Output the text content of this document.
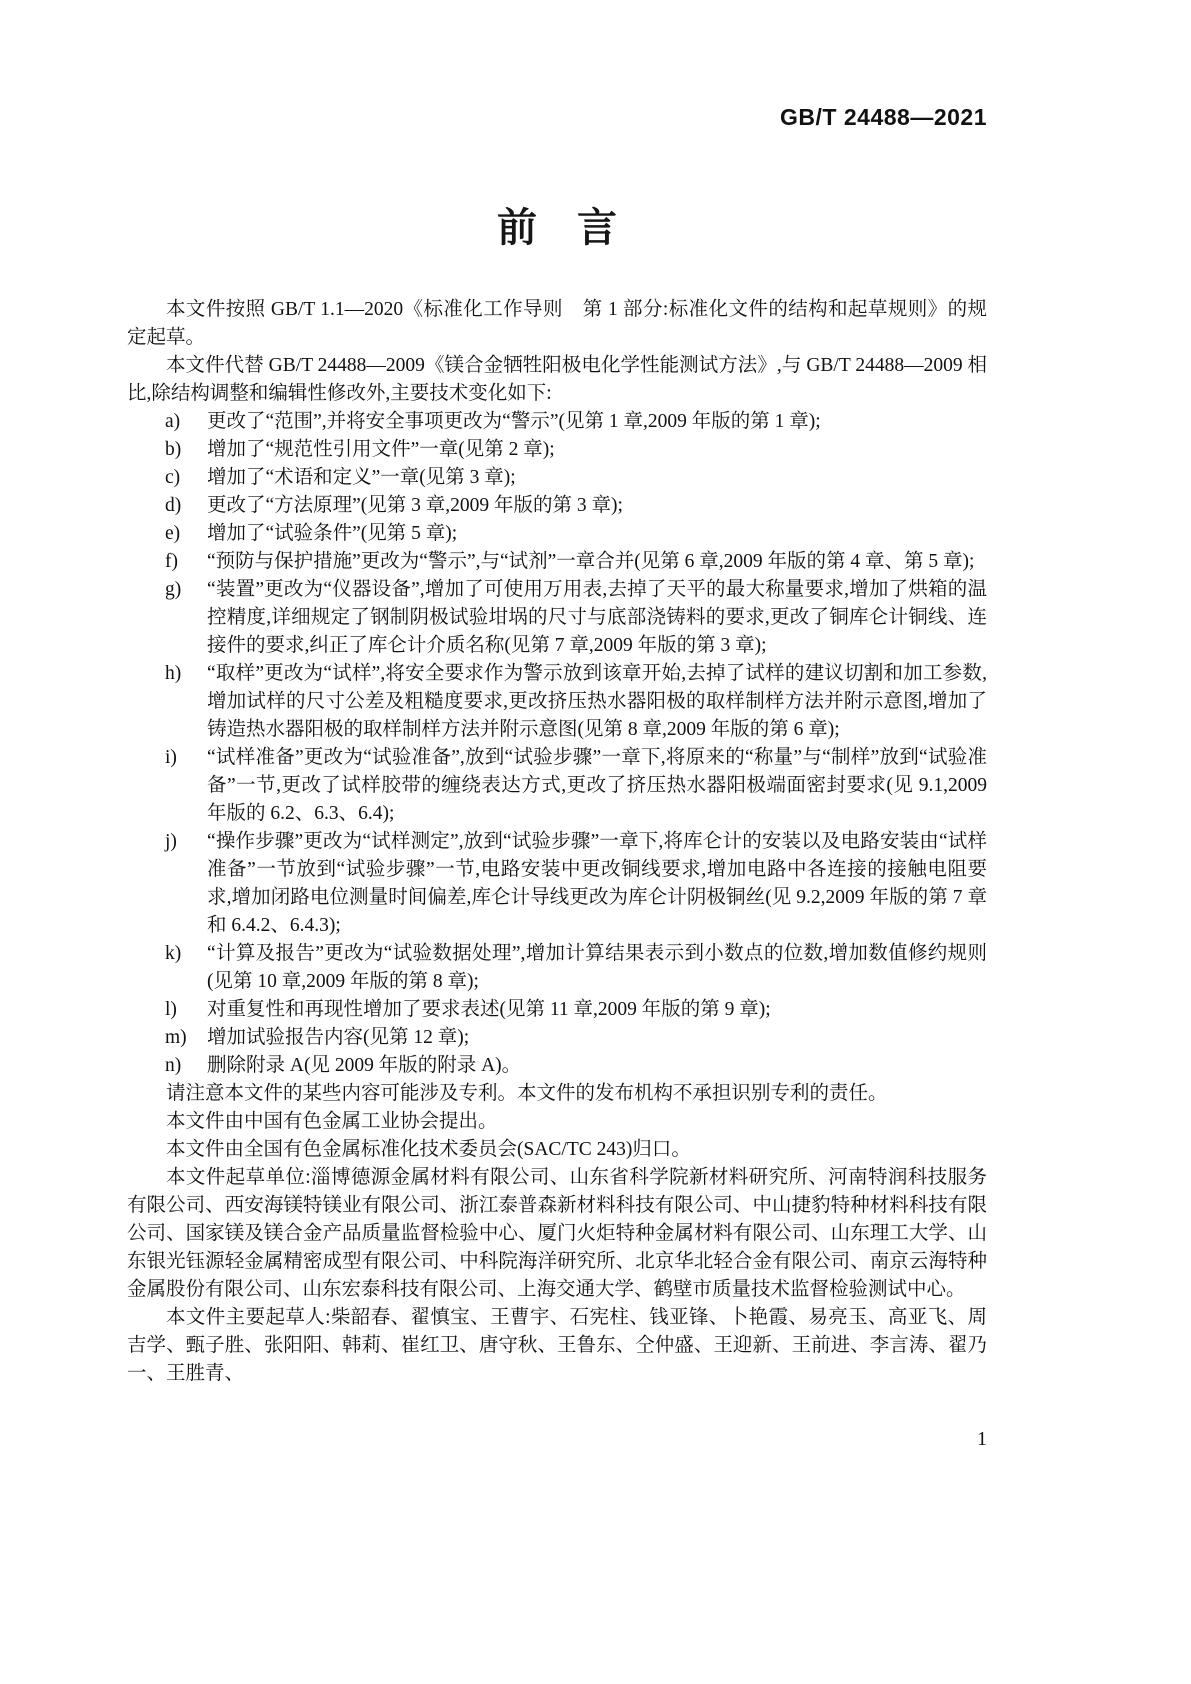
GB/T 24488—2021
前　言

本文件按照 GB/T 1.1—2020《标准化工作导则　第 1 部分:标准化文件的结构和起草规则》的规定起草。

本文件代替 GB/T 24488—2009《镁合金牺牲阳极电化学性能测试方法》,与 GB/T 24488—2009 相比,除结构调整和编辑性修改外,主要技术变化如下:

a)	更改了“范围”,并将安全事项更改为“警示”(见第 1 章,2009 年版的第 1 章);
b)	增加了“规范性引用文件”一章(见第 2 章);
c)	增加了“术语和定义”一章(见第 3 章);
d)	更改了“方法原理”(见第 3 章,2009 年版的第 3 章);
e)	增加了“试验条件”(见第 5 章);
f)	“预防与保护措施”更改为“警示”,与“试剂”一章合并(见第 6 章,2009 年版的第 4 章、第 5 章);
g)	“装置”更改为“仪器设备”,增加了可使用万用表,去掉了天平的最大称量要求,增加了烘箱的温控精度,详细规定了钢制阴极试验坩埚的尺寸与底部浇铸料的要求,更改了铜库仑计铜线、连接件的要求,纠正了库仑计介质名称(见第 7 章,2009 年版的第 3 章);
h)	“取样”更改为“试样”,将安全要求作为警示放到该章开始,去掉了试样的建议切割和加工参数,增加试样的尺寸公差及粗糙度要求,更改挤压热水器阳极的取样制样方法并附示意图,增加了铸造热水器阳极的取样制样方法并附示意图(见第 8 章,2009 年版的第 6 章);
i)	“试样准备”更改为“试验准备”,放到“试验步骤”一章下,将原来的“称量”与“制样”放到“试验准备”一节,更改了试样胶带的缠绕表达方式,更改了挤压热水器阳极端面密封要求(见 9.1,2009 年版的 6.2、6.3、6.4);
j)	“操作步骤”更改为“试样测定”,放到“试验步骤”一章下,将库仑计的安装以及电路安装由“试样准备”一节放到“试验步骤”一节,电路安装中更改铜线要求,增加电路中各连接的接触电阻要求,增加闭路电位测量时间偏差,库仑计导线更改为库仑计阴极铜丝(见 9.2,2009 年版的第 7 章和 6.4.2、6.4.3);
k)	“计算及报告”更改为“试验数据处理”,增加计算结果表示到小数点的位数,增加数值修约规则(见第 10 章,2009 年版的第 8 章);
l)	对重复性和再现性增加了要求表述(见第 11 章,2009 年版的第 9 章);
m)	增加试验报告内容(见第 12 章);
n)	删除附录 A(见 2009 年版的附录 A)。

请注意本文件的某些内容可能涉及专利。本文件的发布机构不承担识别专利的责任。

本文件由中国有色金属工业协会提出。

本文件由全国有色金属标准化技术委员会(SAC/TC 243)归口。

本文件起草单位:淄博德源金属材料有限公司、山东省科学院新材料研究所、河南特润科技服务有限公司、西安海镁特镁业有限公司、浙江泰普森新材料科技有限公司、中山捷豹特种材料科技有限公司、国家镁及镁合金产品质量监督检验中心、厦门火炬特种金属材料有限公司、山东理工大学、山东银光钰源轻金属精密成型有限公司、中科院海洋研究所、北京华北轻合金有限公司、南京云海特种金属股份有限公司、山东宏泰科技有限公司、上海交通大学、鹤壁市质量技术监督检验测试中心。

本文件主要起草人:柴韶春、翟慎宝、王曹宇、石宪柱、钱亚锋、卜艳霞、易亮玉、高亚飞、周吉学、甄子胜、张阳阳、韩莉、崔红卫、唐守秋、王鲁东、仝仲盛、王迎新、王前进、李言涛、翟乃一、王胜青、

1
